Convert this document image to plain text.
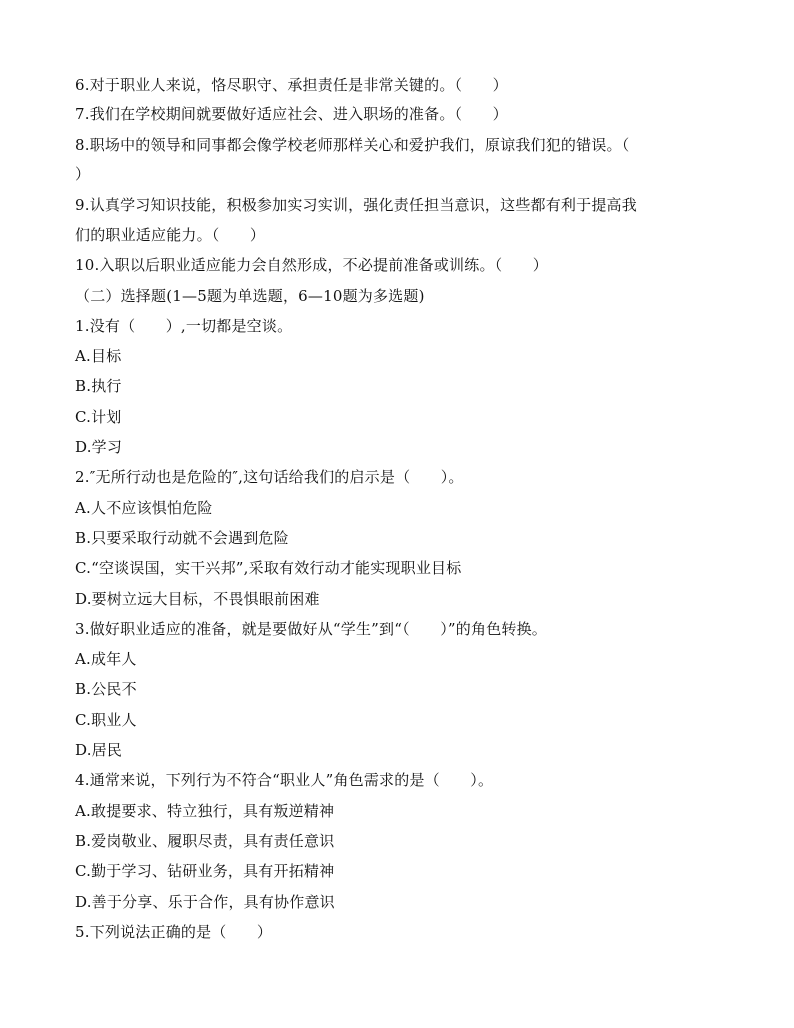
6.对于职业人来说，恪尽职守、承担责任是非常关键的。（　　）
7.我们在学校期间就要做好适应社会、进入职场的准备。（　　）
8.职场中的领导和同事都会像学校老师那样关心和爱护我们，原谅我们犯的错误。（
）
9.认真学习知识技能，积极参加实习实训，强化责任担当意识，这些都有利于提高我
们的职业适应能力。（　　）
10.入职以后职业适应能力会自然形成，不必提前准备或训练。（　　）
（二）选择题(1—5题为单选题，6—10题为多选题)
1.没有（　　）,一切都是空谈。
A.目标
B.执行
C.计划
D.学习
2.″无所行动也是危险的″,这句话给我们的启示是（　　）。
A.人不应该惧怕危险
B.只要采取行动就不会遇到危险
C.“空谈误国，实干兴邦”,采取有效行动才能实现职业目标
D.要树立远大目标，不畏惧眼前困难
3.做好职业适应的准备，就是要做好从“学生”到“（　　）”的角色转换。
A.成年人
B.公民不
C.职业人
D.居民
4.通常来说，下列行为不符合“职业人”角色需求的是（　　）。
A.敢提要求、特立独行，具有叛逆精神
B.爱岗敬业、履职尽责，具有责任意识
C.勤于学习、钻研业务，具有开拓精神
D.善于分享、乐于合作，具有协作意识
5.下列说法正确的是（　　）
